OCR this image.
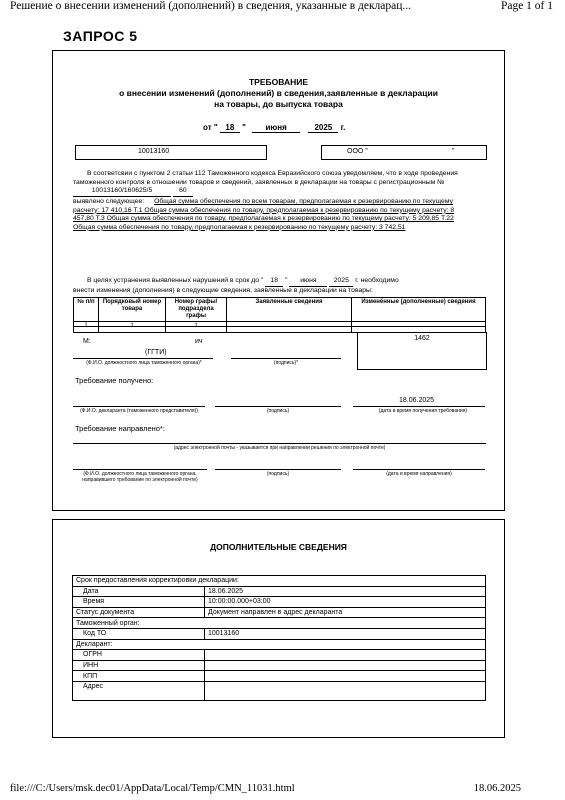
Решение о внесении изменений (дополнений) в сведения, указанные в декларац...	Page 1 of 1
ЗАПРОС 5
ТРЕБОВАНИЕ
о внесении изменений (дополнений) в сведения,заявленные в декларации
на товары, до выпуска товара
от " 18 " июня	2025 г.
10013160	ООО "	"
В соответсвии с пунктом 2 статьи 112 Таможенного кодекса Евразийского союза уведомляем, что в ходе проведения таможенного контроля в отношении товаров и сведений, заявленных в декларации на товары с регистрационным № 10013160/160625/5	60
выявлено следующее: Общая сумма обеспечения по всем товарам, предполагаемая к резервированию по текущему расчету: 17 410,16 Т.1 Общая сумма обеспечения по товару, предполагаемая к резервированию по текущему расчету: 8 457,80 Т.3 Общая сумма обеспечения по товару, предполагаемая к резервированию по текущему расчету: 5 209,85 Т.22 Общая сумма обеспечения по товару, предполагаемая к резервированию по текущему расчету: 3 742,51
В целях устранения выявленных нарушений в срок до " 18 " июня	2025 г. необходимо
внести изменения (дополнения) в следующие сведения, заявленные в декларации на товары:
№ п/п	Порядковый номер товара	Номер графы/ подраздела графы	Заявленные сведения	Изменённые (дополненные) сведения
1	1	1		
М:	ич
(ГГТИ)
(Ф.И.О. должностного лица таможенного органа)*	(подпись)*
1462
Требование получено:
18.06.2025
(Ф.И.О. декларанта (таможенного представителя))	(подпись)	(дата и время получения требования)
Требование направлено*:
(адрес электронной почты - указывается при направлении решения по электронной почте)
(Ф.И.О. должностного лица таможенного органа, направившего требование по электронной почте)
(подпись)	(дата и время направления)
ДОПОЛНИТЕЛЬНЫЕ СВЕДЕНИЯ
Срок предоставления корректировки декларации:	
Дата	18.06.2025
Время	10:00:00.000+03:00
Статус документа	Документ направлен в адрес декларанта
Таможенный орган:	
Код ТО	10013160
Декларант:	
ОГРН	
ИНН	
КПП	
Адрес	
file:///C:/Users/msk.dec01/AppData/Local/Temp/CMN_11031.html	18.06.2025
